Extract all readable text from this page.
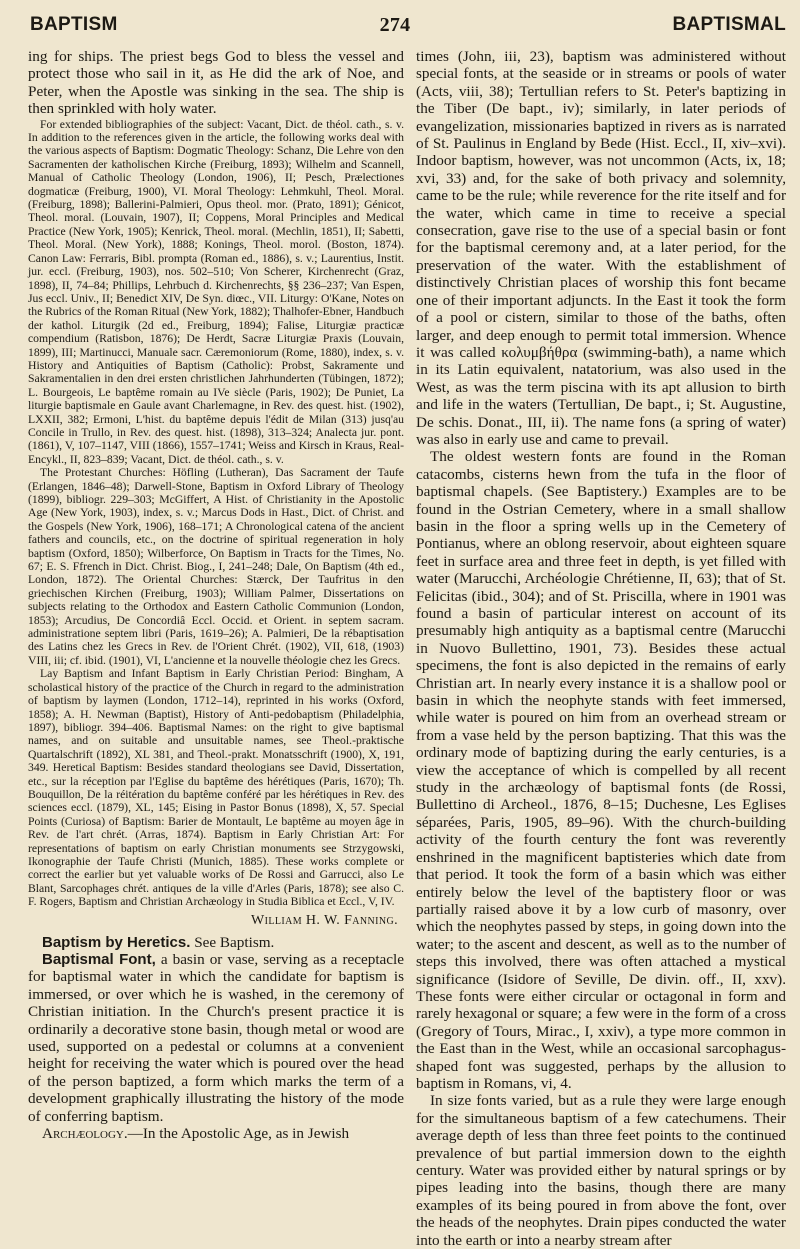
BAPTISM	274	BAPTISMAL

ing for ships. The priest begs God to bless the vessel and protect those who sail in it, as He did the ark of Noe, and Peter, when the Apostle was sinking in the sea. The ship is then sprinkled with holy water.

For extended bibliographies of the subject: Vacant, Dict. de théol. cath., s. v. In addition to the references given in the article, the following works deal with the various aspects of Baptism: Dogmatic Theology: Schanz, Die Lehre von den Sacramenten der katholischen Kirche (Freiburg, 1893); Wilhelm and Scannell, Manual of Catholic Theology (London, 1906), II; Pesch, Prælectiones dogmaticæ (Freiburg, 1900), VI. Moral Theology: Lehmkuhl, Theol. Moral. (Freiburg, 1898); Ballerini-Palmieri, Opus theol. mor. (Prato, 1891); Génicot, Theol. moral. (Louvain, 1907), II; Coppens, Moral Principles and Medical Practice (New York, 1905); Kenrick, Theol. moral. (Mechlin, 1851), II; Sabetti, Theol. Moral. (New York), 1888; Konings, Theol. morol. (Boston, 1874). Canon Law: Ferraris, Bibl. prompta (Roman ed., 1886), s. v.; Laurentius, Instit. jur. eccl. (Freiburg, 1903), nos. 502–510; Von Scherer, Kirchenrecht (Graz, 1898), II, 74–84; Phillips, Lehrbuch d. Kirchenrechts, §§ 236–237; Van Espen, Jus eccl. Univ., II; Benedict XIV, De Syn. diœc., VII. Liturgy: O'Kane, Notes on the Rubrics of the Roman Ritual (New York, 1882); Thalhofer-Ebner, Handbuch der kathol. Liturgik (2d ed., Freiburg, 1894); Falise, Liturgiæ practicæ compendium (Ratisbon, 1876); De Herdt, Sacræ Liturgiæ Praxis (Louvain, 1899), III; Martinucci, Manuale sacr. Cæremoniorum (Rome, 1880), index, s. v. History and Antiquities of Baptism (Catholic): Probst, Sakramente und Sakramentalien in den drei ersten christlichen Jahrhunderten (Tübingen, 1872); L. Bourgeois, Le baptême romain au IVe siècle (Paris, 1902); De Puniet, La liturgie baptismale en Gaule avant Charlemagne, in Rev. des quest. hist. (1902), LXXII, 382; Ermoni, L'hist. du baptême depuis l'édit de Milan (313) jusq'au Concile in Trullo, in Rev. des quest. hist. (1898), 313–324; Analecta jur. pont. (1861), V, 107–1147, VIII (1866), 1557–1741; Weiss and Kirsch in Kraus, Real-Encykl., II, 823–839; Vacant, Dict. de théol. cath., s. v.

The Protestant Churches: Höfling (Lutheran), Das Sacrament der Taufe (Erlangen, 1846–48); Darwell-Stone, Baptism in Oxford Library of Theology (1899), bibliogr. 229–303; McGiffert, A Hist. of Christianity in the Apostolic Age (New York, 1903), index, s. v.; Marcus Dods in Hast., Dict. of Christ. and the Gospels (New York, 1906), 168–171; A Chronological catena of the ancient fathers and councils, etc., on the doctrine of spiritual regeneration in holy baptism (Oxford, 1850); Wilberforce, On Baptism in Tracts for the Times, No. 67; E. S. Ffrench in Dict. Christ. Biog., I, 241–248; Dale, On Baptism (4th ed., London, 1872). The Oriental Churches: Stærck, Der Taufritus in den griechischen Kirchen (Freiburg, 1903); William Palmer, Dissertations on subjects relating to the Orthodox and Eastern Catholic Communion (London, 1853); Arcudius, De Concordiâ Eccl. Occid. et Orient. in septem sacram. administratione septem libri (Paris, 1619–26); A. Palmieri, De la rébaptisation des Latins chez les Grecs in Rev. de l'Orient Chrét. (1902), VII, 618, (1903) VIII, iii; cf. ibid. (1901), VI, L'ancienne et la nouvelle théologie chez les Grecs.

Lay Baptism and Infant Baptism in Early Christian Period: Bingham, A scholastical history of the practice of the Church in regard to the administration of baptism by laymen (London, 1712–14), reprinted in his works (Oxford, 1858); A. H. Newman (Baptist), History of Anti-pedobaptism (Philadelphia, 1897), bibliogr. 394–406. Baptismal Names: on the right to give baptismal names, and on suitable and unsuitable names, see Theol.-praktische Quartalschrift (1892), XL 381, and Theol.-prakt. Monatsschrift (1900), X, 191, 349. Heretical Baptism: Besides standard theologians see David, Dissertation, etc., sur la réception par l'Eglise du baptême des hérétiques (Paris, 1670); Th. Bouquillon, De la réitération du baptême conféré par les hérétiques in Rev. des sciences eccl. (1879), XL, 145; Eising in Pastor Bonus (1898), X, 57. Special Points (Curiosa) of Baptism: Barier de Montault, Le baptême au moyen âge in Rev. de l'art chrét. (Arras, 1874). Baptism in Early Christian Art: For representations of baptism on early Christian monuments see Strzygowski, Ikonographie der Taufe Christi (Munich, 1885). These works complete or correct the earlier but yet valuable works of De Rossi and Garrucci, also Le Blant, Sarcophages chrét. antiques de la ville d'Arles (Paris, 1878); see also C. F. Rogers, Baptism and Christian Archæology in Studia Biblica et Eccl., V, IV.

William H. W. Fanning.

Baptism by Heretics. See Baptism.

Baptismal Font, a basin or vase, serving as a receptacle for baptismal water in which the candidate for baptism is immersed, or over which he is washed, in the ceremony of Christian initiation. In the Church's present practice it is ordinarily a decorative stone basin, though metal or wood are used, supported on a pedestal or columns at a convenient height for receiving the water which is poured over the head of the person baptized, a form which marks the term of a development graphically illustrating the history of the mode of conferring baptism.

Archæology.—In the Apostolic Age, as in Jewish

times (John, iii, 23), baptism was administered without special fonts, at the seaside or in streams or pools of water (Acts, viii, 38); Tertullian refers to St. Peter's baptizing in the Tiber (De bapt., iv); similarly, in later periods of evangelization, missionaries baptized in rivers as is narrated of St. Paulinus in England by Bede (Hist. Eccl., II, xiv–xvi). Indoor baptism, however, was not uncommon (Acts, ix, 18; xvi, 33) and, for the sake of both privacy and solemnity, came to be the rule; while reverence for the rite itself and for the water, which came in time to receive a special consecration, gave rise to the use of a special basin or font for the baptismal ceremony and, at a later period, for the preservation of the water. With the establishment of distinctively Christian places of worship this font became one of their important adjuncts. In the East it took the form of a pool or cistern, similar to those of the baths, often larger, and deep enough to permit total immersion. Whence it was called κολυμβήθρα (swimming-bath), a name which in its Latin equivalent, natatorium, was also used in the West, as was the term piscina with its apt allusion to birth and life in the waters (Tertullian, De bapt., i; St. Augustine, De schis. Donat., III, ii). The name fons (a spring of water) was also in early use and came to prevail.

The oldest western fonts are found in the Roman catacombs, cisterns hewn from the tufa in the floor of baptismal chapels. (See Baptistery.) Examples are to be found in the Ostrian Cemetery, where in a small shallow basin in the floor a spring wells up in the Cemetery of Pontianus, where an oblong reservoir, about eighteen square feet in surface area and three feet in depth, is yet filled with water (Marucchi, Archéologie Chrétienne, II, 63); that of St. Felicitas (ibid., 304); and of St. Priscilla, where in 1901 was found a basin of particular interest on account of its presumably high antiquity as a baptismal centre (Marucchi in Nuovo Bullettino, 1901, 73). Besides these actual specimens, the font is also depicted in the remains of early Christian art. In nearly every instance it is a shallow pool or basin in which the neophyte stands with feet immersed, while water is poured on him from an overhead stream or from a vase held by the person baptizing. That this was the ordinary mode of baptizing during the early centuries, is a view the acceptance of which is compelled by all recent study in the archæology of baptismal fonts (de Rossi, Bullettino di Archeol., 1876, 8–15; Duchesne, Les Eglises séparées, Paris, 1905, 89–96). With the church-building activity of the fourth century the font was reverently enshrined in the magnificent baptisteries which date from that period. It took the form of a basin which was either entirely below the level of the baptistery floor or was partially raised above it by a low curb of masonry, over which the neophytes passed by steps, in going down into the water; to the ascent and descent, as well as to the number of steps this involved, there was often attached a mystical significance (Isidore of Seville, De divin. off., II, xxv). These fonts were either circular or octagonal in form and rarely hexagonal or square; a few were in the form of a cross (Gregory of Tours, Mirac., I, xxiv), a type more common in the East than in the West, while an occasional sarcophagus-shaped font was suggested, perhaps by the allusion to baptism in Romans, vi, 4.

In size fonts varied, but as a rule they were large enough for the simultaneous baptism of a few catechumens. Their average depth of less than three feet points to the continued prevalence of but partial immersion down to the eighth century. Water was provided either by natural springs or by pipes leading into the basins, though there are many examples of its being poured in from above the font, over the heads of the neophytes. Drain pipes conducted the water into the earth or into a nearby stream after
